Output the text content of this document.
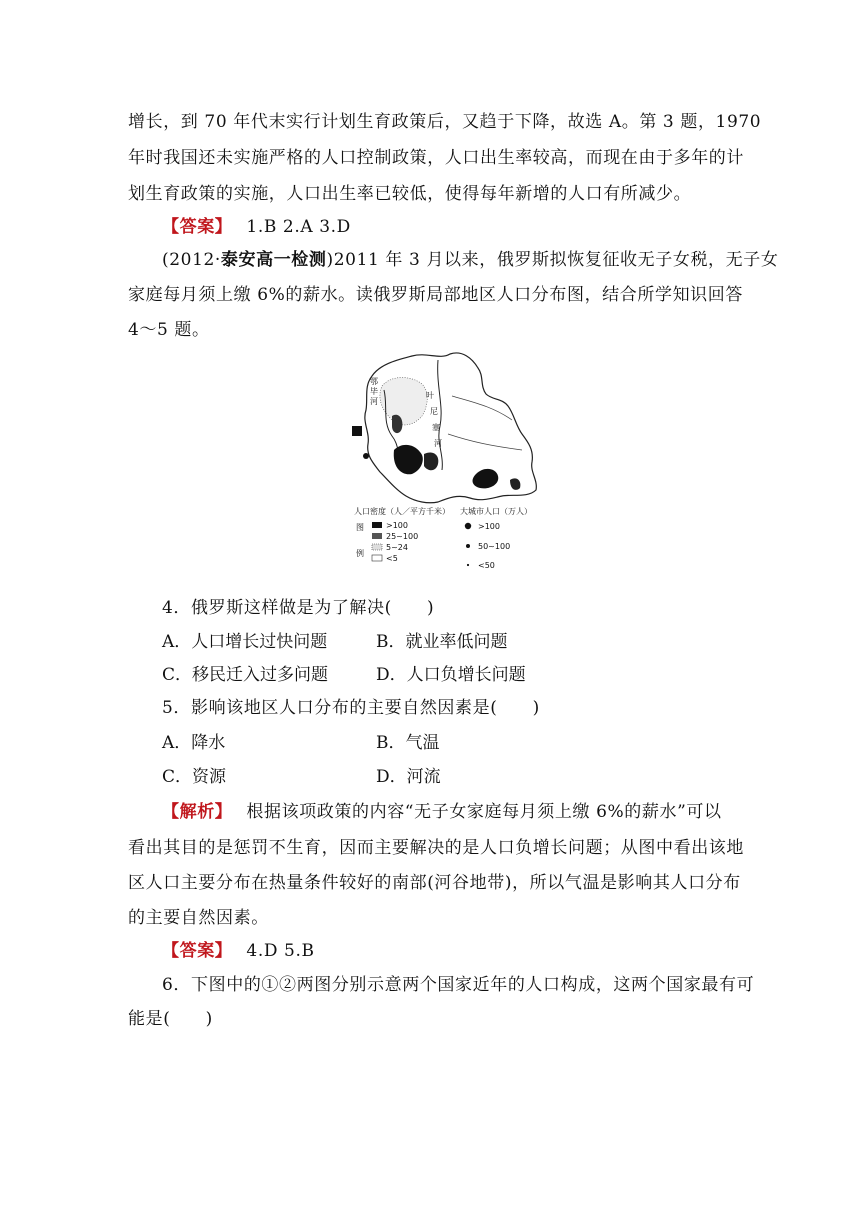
增长，到 70 年代末实行计划生育政策后，又趋于下降，故选 A。第 3 题，1970
年时我国还未实施严格的人口控制政策，人口出生率较高，而现在由于多年的计
划生育政策的实施，人口出生率已较低，使得每年新增的人口有所减少。
【答案】 1.B 2.A 3.D
(2012·泰安高一检测)2011 年 3 月以来，俄罗斯拟恢复征收无子女税，无子女
家庭每月须上缴 6%的薪水。读俄罗斯局部地区人口分布图，结合所学知识回答
4～5 题。
鄂
毕
河
叶
尼
塞
河
人口密度（人／平方千米） 大城市人口（万人）
图
例
>100
25~100
5~24
<5
>100
50~100
<50
4．俄罗斯这样做是为了解决(　　)
A．人口增长过快问题	B．就业率低问题
C．移民迁入过多问题	D．人口负增长问题
5．影响该地区人口分布的主要自然因素是(　　)
A．降水	B．气温
C．资源	D．河流
【解析】 根据该项政策的内容“无子女家庭每月须上缴 6%的薪水”可以
看出其目的是惩罚不生育，因而主要解决的是人口负增长问题；从图中看出该地
区人口主要分布在热量条件较好的南部(河谷地带)，所以气温是影响其人口分布
的主要自然因素。
【答案】 4.D 5.B
6．下图中的①②两图分别示意两个国家近年的人口构成，这两个国家最有可
能是(　　)
